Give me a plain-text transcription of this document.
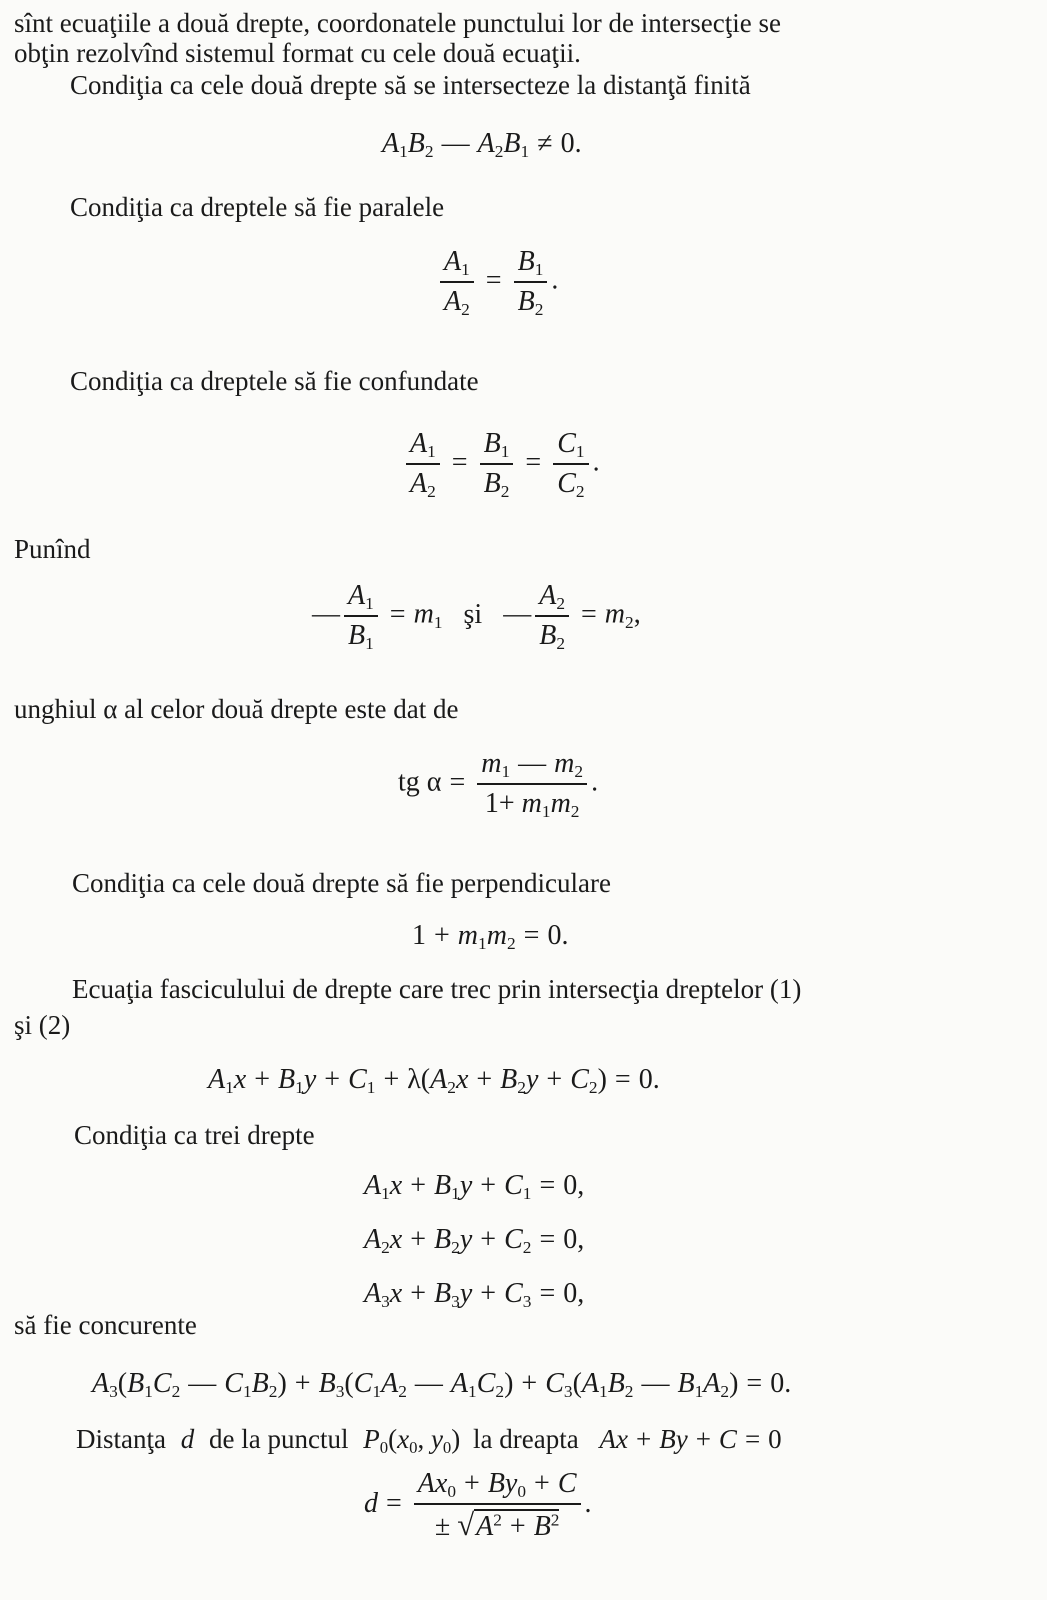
sînt ecuaţiile a două drepte, coordonatele punctului lor de intersecţie se
obţin rezolvînd sistemul format cu cele două ecuaţii.
Condiţia ca cele două drepte să se intersecteze la distanţă finită
$A_1B_2$ — $A_2B_1 \ne 0$.
Condiţia ca dreptele să fie paralele
$\frac{A_1}{A_2} = \frac{B_1}{B_2}$ .
Condiţia ca dreptele să fie confundate
$\frac{A_1}{A_2} = \frac{B_1}{B_2} = \frac{C_1}{C_2}$ .
Punînd
— $\frac{A_1}{B_1} = m_1$ şi — $\frac{A_2}{B_2} = m_2$,
unghiul α al celor două drepte este dat de
tg $\alpha = \frac{m_1 — m_2}{1+ m_1m_2}$ .
Condiţia ca cele două drepte să fie perpendiculare
$1 + m_1m_2 = 0$.
Ecuaţia fasciculului de drepte care trec prin intersecţia dreptelor (1)
şi (2)
$A_1x + B_1y + C_1 + \lambda(A_2x + B_2y + C_2) = 0$.
Condiţia ca trei drepte
$A_1x + B_1y + C_1 = 0$,
$A_2x + B_2y + C_2 = 0$,
$A_3x + B_3y + C_3 = 0$,
să fie concurente
$A_3(B_1C_2$ — $C_1B_2) + B_3(C_1A_2$ — $A_1C_2) + C_3(A_1B_2$ — $B_1A_2) = 0$.
Distanţa d de la punctul $P_0(x_0$, $y_0$) la dreapta Ax + By + C = 0
$d = \frac{Ax_0 + By_0 + C}{\pm √A^2 + B^2}$ .
